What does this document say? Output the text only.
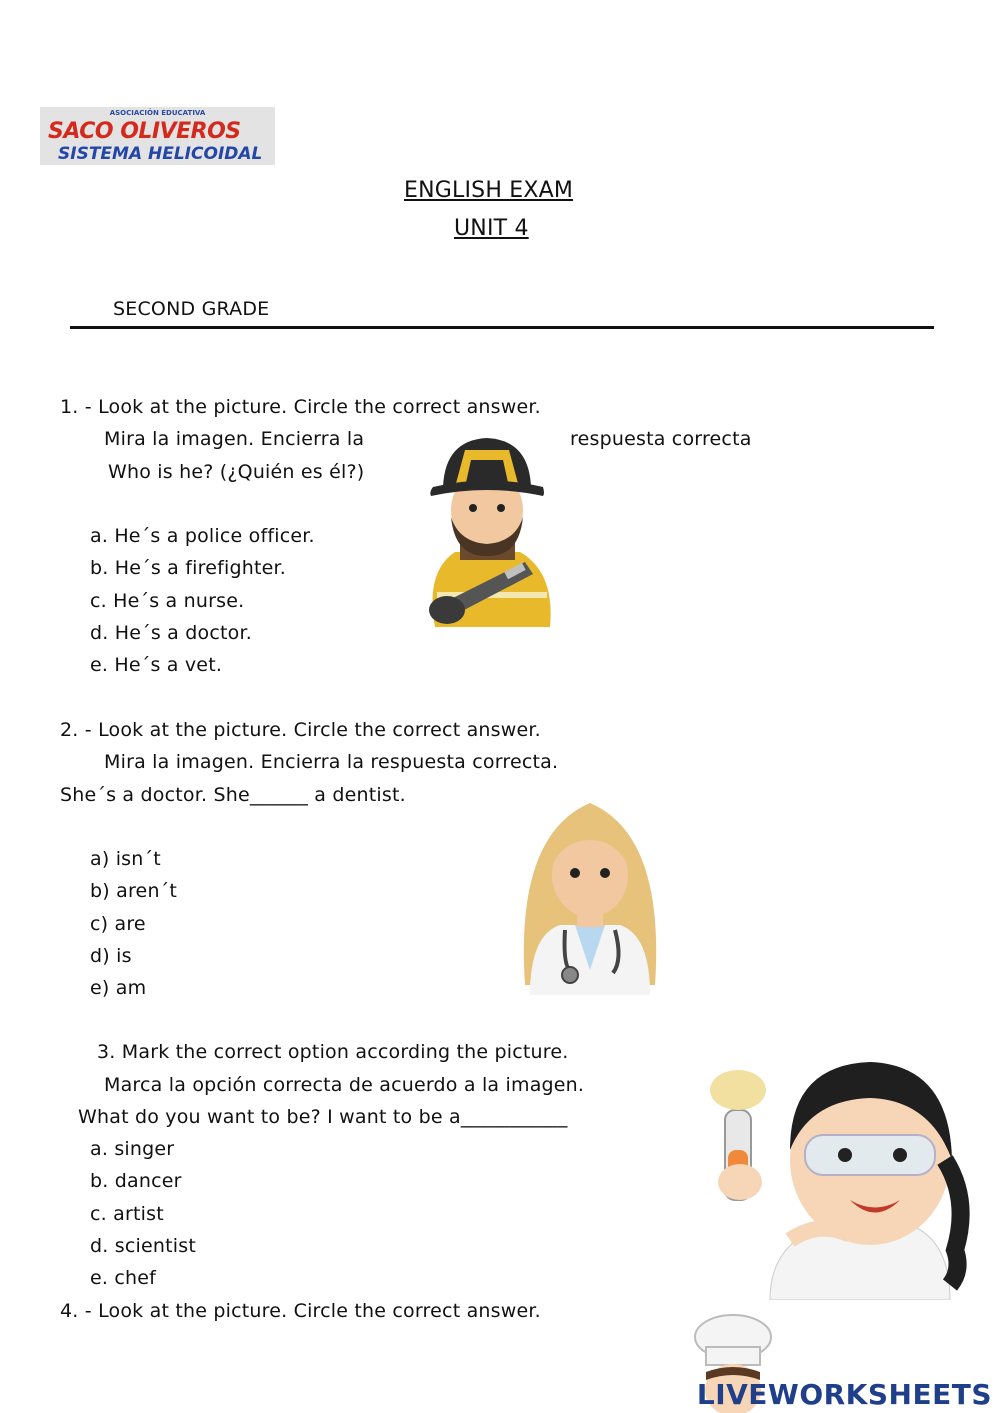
ASOCIACIÓN EDUCATIVA
SACO OLIVEROS
SISTEMA HELICOIDAL
ENGLISH EXAM
UNIT 4
SECOND GRADE
1. - Look at the picture. Circle the correct answer.
Mira la imagen. Encierra la	respuesta correcta
Who is he? (¿Quién es él?)
a. He´s a police officer.
b. He´s a firefighter.
c. He´s a nurse.
d. He´s a doctor.
e. He´s a vet.
2. - Look at the picture. Circle the correct answer.
Mira la imagen. Encierra la respuesta correcta.
She´s a doctor. She______ a dentist.
a) isn´t
b) aren´t
c) are
d) is
e) am
3. Mark the correct option according the picture.
Marca la opción correcta de acuerdo a la imagen.
What do you want to be? I want to be a___________
a. singer
b. dancer
c. artist
d. scientist
e. chef
4. - Look at the picture. Circle the correct answer.
LIVEWORKSHEETS
